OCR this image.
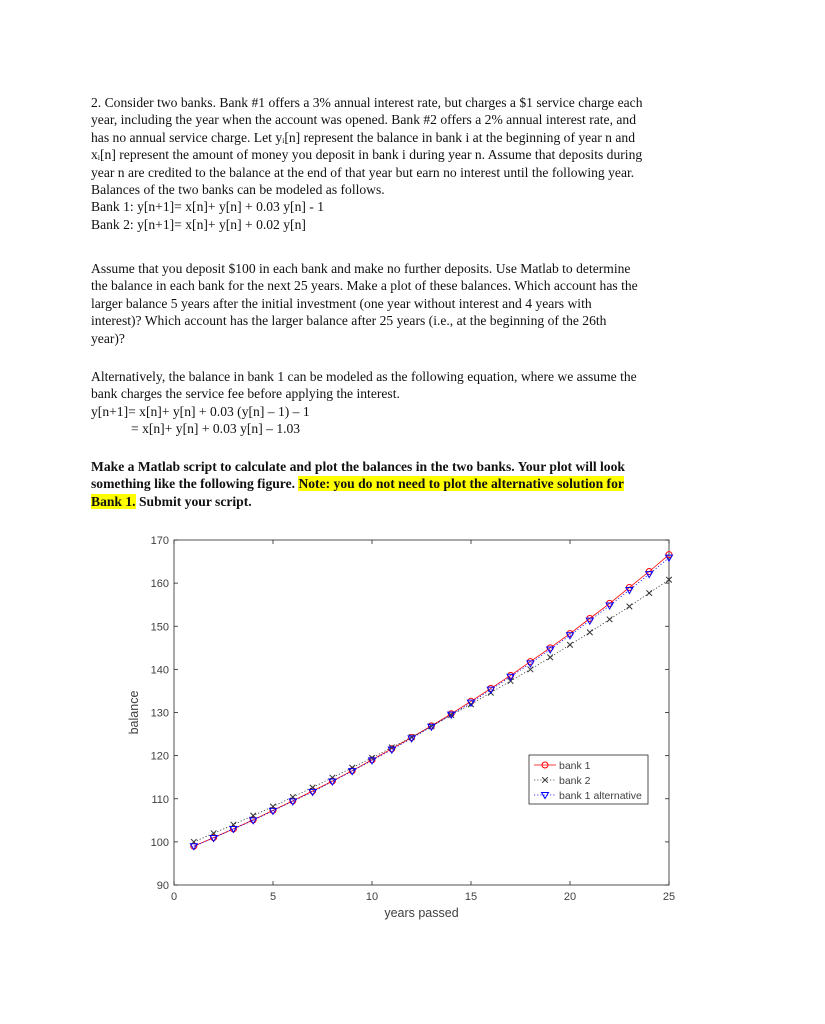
2. Consider two banks. Bank #1 offers a 3% annual interest rate, but charges a $1 service charge each
year, including the year when the account was opened. Bank #2 offers a 2% annual interest rate, and
has no annual service charge. Let yᵢ[n] represent the balance in bank i at the beginning of year n and
xᵢ[n] represent the amount of money you deposit in bank i during year n. Assume that deposits during
year n are credited to the balance at the end of that year but earn no interest until the following year.
Balances of the two banks can be modeled as follows.
Bank 1: y[n+1]= x[n]+ y[n] + 0.03 y[n] - 1
Bank 2: y[n+1]= x[n]+ y[n] + 0.02 y[n]
Assume that you deposit $100 in each bank and make no further deposits. Use Matlab to determine
the balance in each bank for the next 25 years. Make a plot of these balances. Which account has the
larger balance 5 years after the initial investment (one year without interest and 4 years with
interest)? Which account has the larger balance after 25 years (i.e., at the beginning of the 26th
year)?
Alternatively, the balance in bank 1 can be modeled as the following equation, where we assume the
bank charges the service fee before applying the interest.
y[n+1]= x[n]+ y[n] + 0.03 (y[n] – 1) – 1
= x[n]+ y[n] + 0.03 y[n] – 1.03
Make a Matlab script to calculate and plot the balances in the two banks. Your plot will look
something like the following figure. Note: you do not need to plot the alternative solution for
Bank 1. Submit your script.
0	5	10	15	20	25
90
100
110
120
130
140
150
160
170
years passed
balance
bank 1
bank 2
bank 1 alternative
